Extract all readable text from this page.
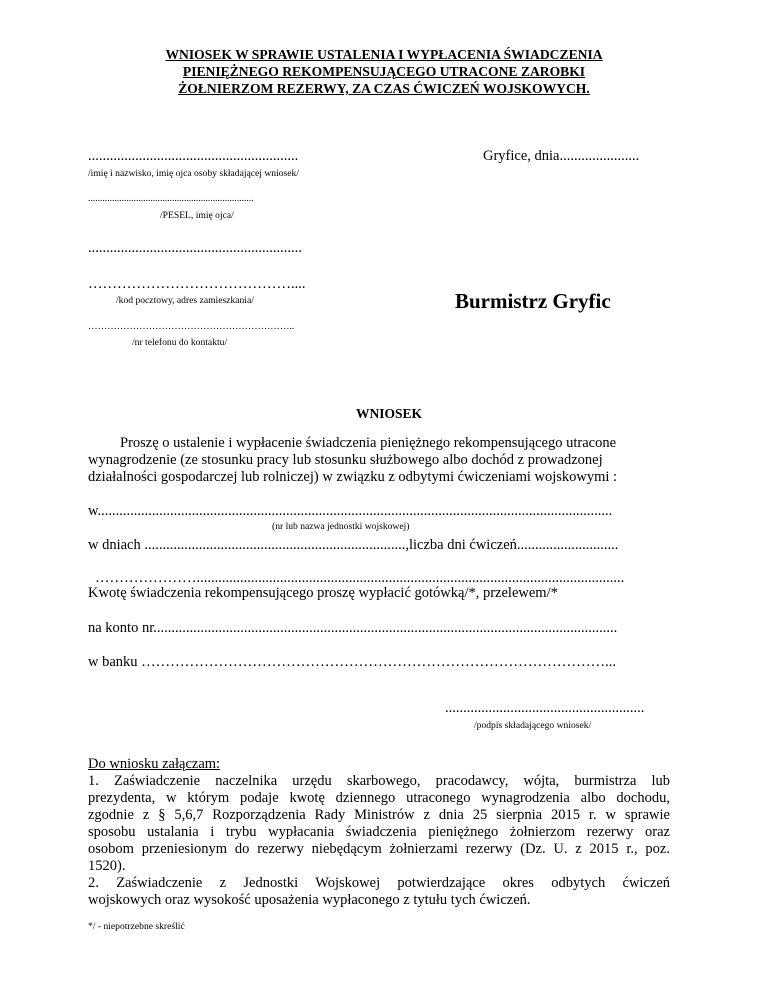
WNIOSEK W SPRAWIE USTALENIA I WYPŁACENIA ŚWIADCZENIA
PIENIĘŻNEGO REKOMPENSUJĄCEGO UTRACONE ZAROBKI
ŻOŁNIERZOM REZERWY, ZA CZAS ĆWICZEŃ WOJSKOWYCH.
..........................................................
/imię i nazwisko, imię ojca osoby składającej wniosek/
Gryfice, dnia......................
.....................................................................
/PESEL, imię ojca/
...........................................................
……………………………………....
/kod pocztowy, adres zamieszkania/	Burmistrz Gryfic
………………………………………………………..
/nr telefonu do kontaktu/
WNIOSEK
Proszę o ustalenie i wypłacenie świadczenia pieniężnego rekompensującego utracone
wynagrodzenie (ze stosunku pracy lub stosunku służbowego albo dochód z prowadzonej
działalności gospodarczej lub rolniczej) w związku z odbytymi ćwiczeniami wojskowymi :
w..............................................................................................................................................
(nr lub nazwa jednostki wojskowej)
w dniach ........................................................................,liczba dni ćwiczeń............................
…………………......................................................................................................................
Kwotę świadczenia rekompensującego proszę wypłacić gotówką/*, przelewem/*
na konto nr................................................................................................................................
w banku ……………………………………………………………………………………...
.......................................................
/podpis składającego wniosek/
Do wniosku załączam:
1. Zaświadczenie naczelnika urzędu skarbowego, pracodawcy, wójta, burmistrza lub
prezydenta, w którym podaje kwotę dziennego utraconego wynagrodzenia albo dochodu,
zgodnie z § 5,6,7 Rozporządzenia Rady Ministrów z dnia 25 sierpnia 2015 r. w sprawie
sposobu ustalania i trybu wypłacania świadczenia pieniężnego żołnierzom rezerwy oraz
osobom przeniesionym do rezerwy niebędącym żołnierzami rezerwy (Dz. U. z 2015 r., poz.
1520).
2. Zaświadczenie z Jednostki Wojskowej potwierdzające okres odbytych ćwiczeń
wojskowych oraz wysokość uposażenia wypłaconego z tytułu tych ćwiczeń.
*/ - niepotrzebne skreślić
